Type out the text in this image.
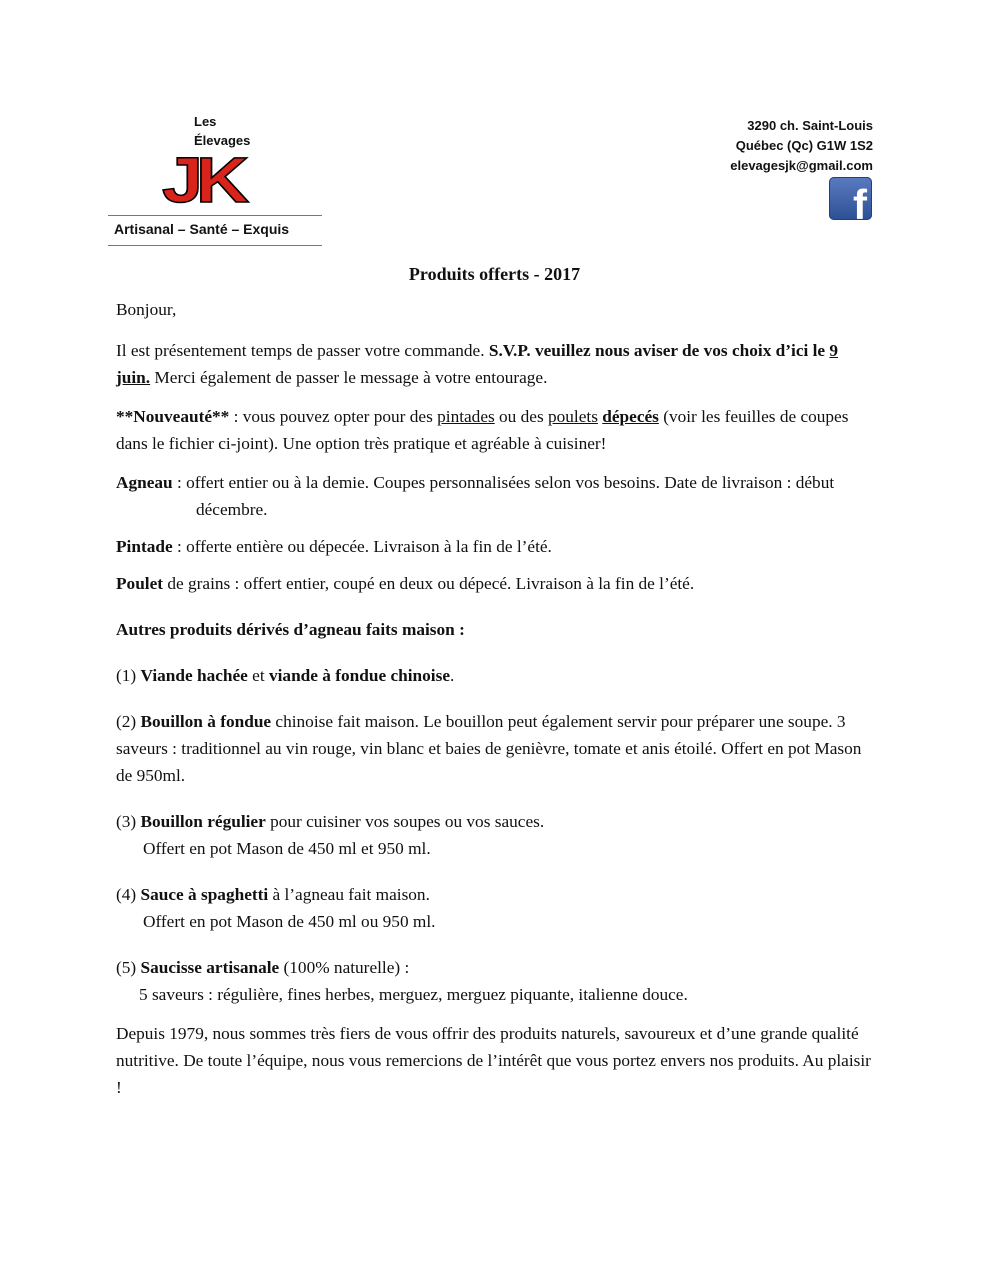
Les
Élevages
JK
Artisanal – Santé – Exquis
3290 ch. Saint-Louis
Québec (Qc) G1W 1S2
elevagesjk@gmail.com
f
Produits offerts - 2017

Bonjour,

Il est présentement temps de passer votre commande. S.V.P. veuillez nous aviser de vos choix d’ici le 9 juin. Merci également de passer le message à votre entourage.

**Nouveauté** : vous pouvez opter pour des pintades ou des poulets dépecés (voir les feuilles de coupes dans le fichier ci-joint). Une option très pratique et agréable à cuisiner!

Agneau : offert entier ou à la demie. Coupes personnalisées selon vos besoins. Date de livraison : début décembre.

Pintade : offerte entière ou dépecée. Livraison à la fin de l’été.

Poulet de grains : offert entier, coupé en deux ou dépecé. Livraison à la fin de l’été.

Autres produits dérivés d’agneau faits maison :

(1) Viande hachée et viande à fondue chinoise.

(2) Bouillon à fondue chinoise fait maison. Le bouillon peut également servir pour préparer une soupe. 3 saveurs : traditionnel au vin rouge, vin blanc et baies de genièvre, tomate et anis étoilé. Offert en pot Mason de 950ml.

(3) Bouillon régulier pour cuisiner vos soupes ou vos sauces.
Offert en pot Mason de 450 ml et 950 ml.

(4) Sauce à spaghetti à l’agneau fait maison.
Offert en pot Mason de 450 ml ou 950 ml.

(5) Saucisse artisanale (100% naturelle) :
5 saveurs : régulière, fines herbes, merguez, merguez piquante, italienne douce.

Depuis 1979, nous sommes très fiers de vous offrir des produits naturels, savoureux et d’une grande qualité nutritive. De toute l’équipe, nous vous remercions de l’intérêt que vous portez envers nos produits. Au plaisir !
